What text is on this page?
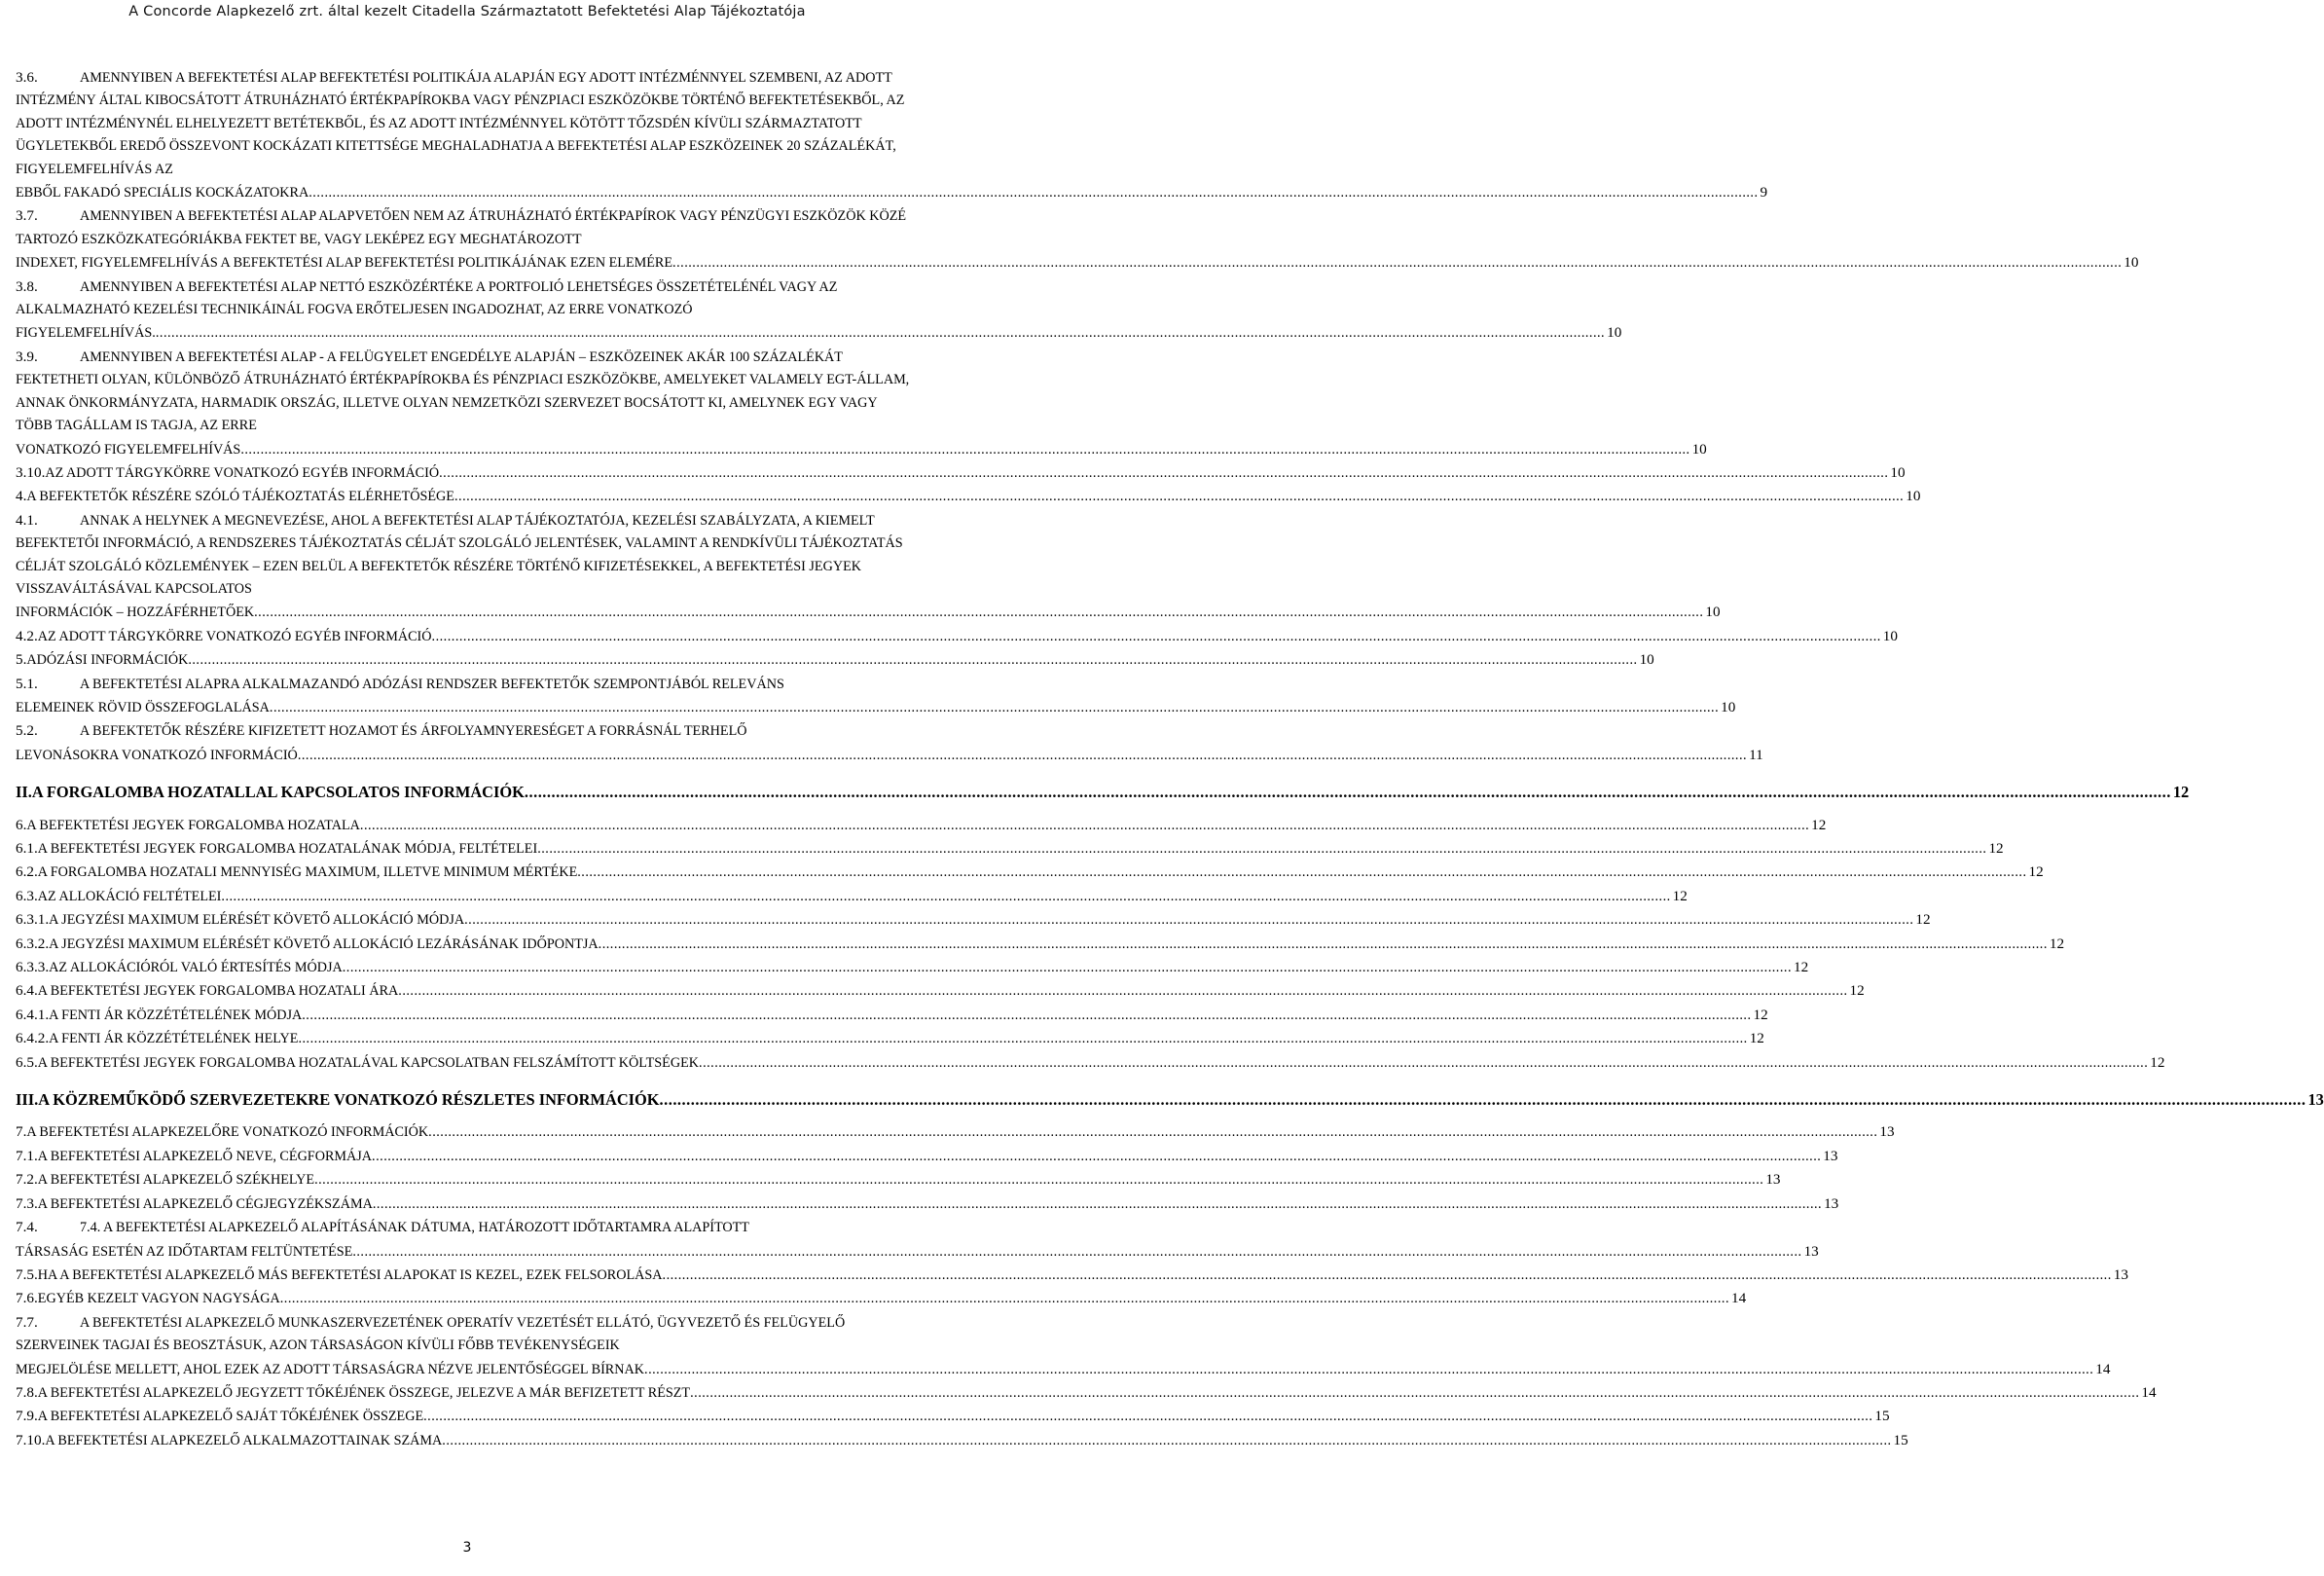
A Concorde Alapkezelő zrt. által kezelt Citadella Származtatott Befektetési Alap Tájékoztatója
3.6.	AMENNYIBEN A BEFEKTETÉSI ALAP BEFEKTETÉSI POLITIKÁJA ALAPJÁN EGY ADOTT INTÉZMÉNNYEL SZEMBENI, AZ ADOTT INTÉZMÉNY ÁLTAL KIBOCSÁTOTT ÁTRUHÁZHATÓ ÉRTÉKPAPÍROKBA VAGY PÉNZPIACI ESZKÖZÖKBE TÖRTÉNŐ BEFEKTETÉSEKBŐL, AZ ADOTT INTÉZMÉNYNÉL ELHELYEZETT BETÉTEKBŐL, ÉS AZ ADOTT INTÉZMÉNNYEL KÖTÖTT TŐZSDÉN KÍVÜLI SZÁRMAZTATOTT ÜGYLETEKBŐL EREDŐ ÖSSZEVONT KOCKÁZATI KITETTSÉGE MEGHALADHATJA A BEFEKTETÉSI ALAP ESZKÖZEINEK 20 SZÁZALÉKÁT, FIGYELEMFELHÍVÁS AZ
EBBŐL FAKADÓ SPECIÁLIS KOCKÁZATOKRA .....	9
3.7.	AMENNYIBEN A BEFEKTETÉSI ALAP ALAPVETŐEN NEM AZ ÁTRUHÁZHATÓ ÉRTÉKPAPÍROK VAGY PÉNZÜGYI ESZKÖZÖK KÖZÉ TARTOZÓ ESZKÖZKATEGÓRIÁKBA FEKTET BE, VAGY LEKÉPEZ EGY MEGHATÁROZOTT
INDEXET, FIGYELEMFELHÍVÁS A BEFEKTETÉSI ALAP BEFEKTETÉSI POLITIKÁJÁNAK EZEN ELEMÉRE .....	10
3.8.	AMENNYIBEN A BEFEKTETÉSI ALAP NETTÓ ESZKÖZÉRTÉKE A PORTFOLIÓ LEHETSÉGES ÖSSZETÉTELÉNÉL VAGY AZ ALKALMAZHATÓ KEZELÉSI TECHNIKÁINÁL FOGVA ERŐTELJESEN INGADOZHAT, AZ ERRE VONATKOZÓ
FIGYELEMFELHÍVÁS. .....	10
3.9.	AMENNYIBEN A BEFEKTETÉSI ALAP - A FELÜGYELET ENGEDÉLYE ALAPJÁN – ESZKÖZEINEK AKÁR 100 SZÁZALÉKÁT FEKTETHETI OLYAN, KÜLÖNBÖZŐ ÁTRUHÁZHATÓ ÉRTÉKPAPÍROKBA ÉS PÉNZPIACI ESZKÖZÖKBE, AMELYEKET VALAMELY EGT-ÁLLAM, ANNAK ÖNKORMÁNYZATA, HARMADIK ORSZÁG, ILLETVE OLYAN NEMZETKÖZI SZERVEZET BOCSÁTOTT KI, AMELYNEK EGY VAGY TÖBB TAGÁLLAM IS TAGJA, AZ ERRE
VONATKOZÓ FIGYELEMFELHÍVÁS .....	10
3.10. AZ ADOTT TÁRGYKÖRRE VONATKOZÓ EGYÉB INFORMÁCIÓ .....	10
4. A BEFEKTETŐK RÉSZÉRE SZÓLÓ TÁJÉKOZTATÁS ELÉRHETŐSÉGE .....	10
4.1.	ANNAK A HELYNEK A MEGNEVEZÉSE, AHOL A BEFEKTETÉSI ALAP TÁJÉKOZTATÓJA, KEZELÉSI SZABÁLYZATA, A KIEMELT BEFEKTETŐI INFORMÁCIÓ, A RENDSZERES TÁJÉKOZTATÁS CÉLJÁT SZOLGÁLÓ JELENTÉSEK, VALAMINT A RENDKÍVÜLI TÁJÉKOZTATÁS CÉLJÁT SZOLGÁLÓ KÖZLEMÉNYEK – EZEN BELÜL A BEFEKTETŐK RÉSZÉRE TÖRTÉNŐ KIFIZETÉSEKKEL, A BEFEKTETÉSI JEGYEK VISSZAVÁLTÁSÁVAL KAPCSOLATOS
INFORMÁCIÓK – HOZZÁFÉRHETŐEK .....	10
4.2. AZ ADOTT TÁRGYKÖRRE VONATKOZÓ EGYÉB INFORMÁCIÓ .....	10
5. ADÓZÁSI INFORMÁCIÓK .....	10
5.1.	A BEFEKTETÉSI ALAPRA ALKALMAZANDÓ ADÓZÁSI RENDSZER BEFEKTETŐK SZEMPONTJÁBÓL RELEVÁNS
ELEMEINEK RÖVID ÖSSZEFOGLALÁSA .....	10
5.2.	A BEFEKTETŐK RÉSZÉRE KIFIZETETT HOZAMOT ÉS ÁRFOLYAMNYERESÉGET A FORRÁSNÁL TERHELŐ
LEVONÁSOKRA VONATKOZÓ INFORMÁCIÓ .....	11
II. A FORGALOMBA HOZATALLAL KAPCSOLATOS INFORMÁCIÓK .....	12
6. A BEFEKTETÉSI JEGYEK FORGALOMBA HOZATALA .....	12
6.1. A BEFEKTETÉSI JEGYEK FORGALOMBA HOZATALÁNAK MÓDJA, FELTÉTELEI .....	12
6.2. A FORGALOMBA HOZATALI MENNYISÉG MAXIMUM, ILLETVE MINIMUM MÉRTÉKE .....	12
6.3. AZ ALLOKÁCIÓ FELTÉTELEI .....	12
6.3.1. A JEGYZÉSI MAXIMUM ELÉRÉSÉT KÖVETŐ ALLOKÁCIÓ MÓDJA .....	12
6.3.2. A JEGYZÉSI MAXIMUM ELÉRÉSÉT KÖVETŐ ALLOKÁCIÓ LEZÁRÁSÁNAK IDŐPONTJA .....	12
6.3.3. AZ ALLOKÁCIÓRÓL VALÓ ÉRTESÍTÉS MÓDJA .....	12
6.4. A BEFEKTETÉSI JEGYEK FORGALOMBA HOZATALI ÁRA .....	12
6.4.1. A FENTI ÁR KÖZZÉTÉTELÉNEK MÓDJA .....	12
6.4.2. A FENTI ÁR KÖZZÉTÉTELÉNEK HELYE .....	12
6.5. A BEFEKTETÉSI JEGYEK FORGALOMBA HOZATALÁVAL KAPCSOLATBAN FELSZÁMÍTOTT KÖLTSÉGEK .....	12
III. A KÖZREMŰKÖDŐ SZERVEZETEKRE VONATKOZÓ RÉSZLETES INFORMÁCIÓK .....	13
7. A BEFEKTETÉSI ALAPKEZELŐRE VONATKOZÓ INFORMÁCIÓK .....	13
7.1. A BEFEKTETÉSI ALAPKEZELŐ NEVE, CÉGFORMÁJA .....	13
7.2. A BEFEKTETÉSI ALAPKEZELŐ SZÉKHELYE .....	13
7.3. A BEFEKTETÉSI ALAPKEZELŐ CÉGJEGYZÉKSZÁMA .....	13
7.4.	7.4. A BEFEKTETÉSI ALAPKEZELŐ ALAPÍTÁSÁNAK DÁTUMA, HATÁROZOTT IDŐTARTAMRA ALAPÍTOTT
TÁRSASÁG ESETÉN AZ IDŐTARTAM FELTÜNTETÉSE .....	13
7.5. HA A BEFEKTETÉSI ALAPKEZELŐ MÁS BEFEKTETÉSI ALAPOKAT IS KEZEL, EZEK FELSOROLÁSA .....	13
7.6. EGYÉB KEZELT VAGYON NAGYSÁGA .....	14
7.7.	A BEFEKTETÉSI ALAPKEZELŐ MUNKASZERVEZETÉNEK OPERATÍV VEZETÉSÉT ELLÁTÓ, ÜGYVEZETŐ ÉS FELÜGYELŐ SZERVEINEK TAGJAI ÉS BEOSZTÁSUK, AZON TÁRSASÁGON KÍVÜLI FŐBB TEVÉKENYSÉGEIK
MEGJELÖLÉSE MELLETT, AHOL EZEK AZ ADOTT TÁRSASÁGRA NÉZVE JELENTŐSÉGGEL BÍRNAK .....	14
7.8. A BEFEKTETÉSI ALAPKEZELŐ JEGYZETT TŐKÉJÉNEK ÖSSZEGE, JELEZVE A MÁR BEFIZETETT RÉSZT .....	14
7.9. A BEFEKTETÉSI ALAPKEZELŐ SAJÁT TŐKÉJÉNEK ÖSSZEGE .....	15
7.10. A BEFEKTETÉSI ALAPKEZELŐ ALKALMAZOTTAINAK SZÁMA .....	15
3
